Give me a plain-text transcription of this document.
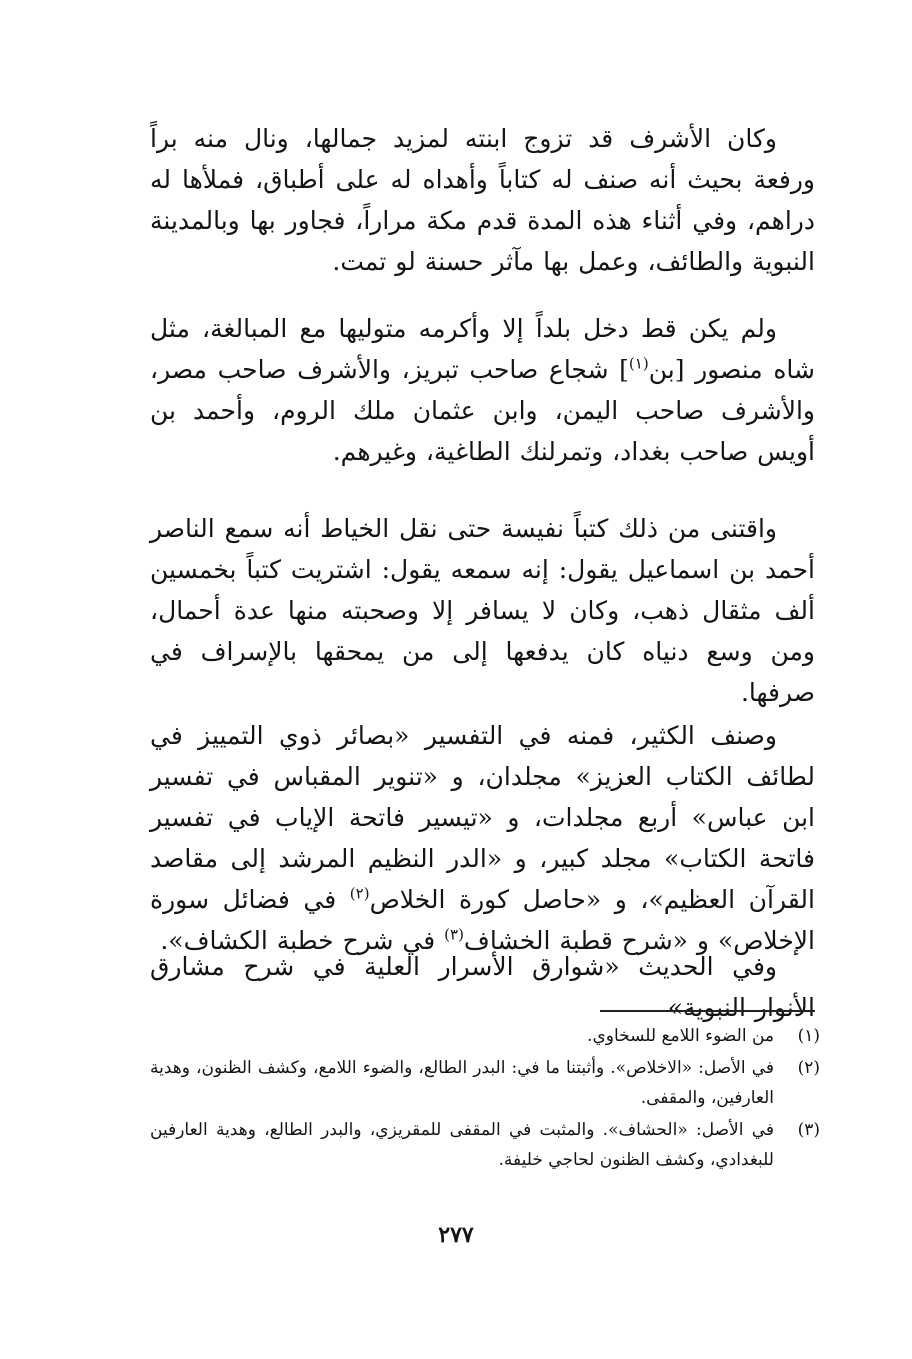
وكان الأشرف قد تزوج ابنته لمزيد جمالها، ونال منه براً ورفعة بحيث أنه صنف له كتاباً وأهداه له على أطباق، فملأها له دراهم، وفي أثناء هذه المدة قدم مكة مراراً، فجاور بها وبالمدينة النبوية والطائف، وعمل بها مآثر حسنة لو تمت.

ولم يكن قط دخل بلداً إلا وأكرمه متوليها مع المبالغة، مثل شاه منصور [بن$^{(١)}$] شجاع صاحب تبريز، والأشرف صاحب مصر، والأشرف صاحب اليمن، وابن عثمان ملك الروم، وأحمد بن أويس صاحب بغداد، وتمرلنك الطاغية، وغيرهم.

واقتنى من ذلك كتباً نفيسة حتى نقل الخياط أنه سمع الناصر أحمد بن اسماعيل يقول: إنه سمعه يقول: اشتريت كتباً بخمسين ألف مثقال ذهب، وكان لا يسافر إلا وصحبته منها عدة أحمال، ومن وسع دنياه كان يدفعها إلى من يمحقها بالإسراف في صرفها.

وصنف الكثير، فمنه في التفسير «بصائر ذوي التمييز في لطائف الكتاب العزيز» مجلدان، و «تنوير المقباس في تفسير ابن عباس» أربع مجلدات، و «تيسير فاتحة الإياب في تفسير فاتحة الكتاب» مجلد كبير، و «الدر النظيم المرشد إلى مقاصد القرآن العظيم»، و «حاصل كورة الخلاص$^{(٢)}$ في فضائل سورة الإخلاص» و «شرح قطبة الخشاف$^{(٣)}$ في شرح خطبة الكشاف».

وفي الحديث «شوارق الأسرار العلية في شرح مشارق الأنوار النبوية»

(١)
من الضوء اللامع للسخاوي.
(٢)
في الأصل: «الاخلاص». وأثبتنا ما في: البدر الطالع، والضوء اللامع، وكشف الظنون، وهدية العارفين، والمقفى.
(٣)
في الأصل: «الحشاف». والمثبت في المقفى للمقريزي، والبدر الطالع، وهدية العارفين للبغدادي، وكشف الظنون لحاجي خليفة.
٢٧٧
